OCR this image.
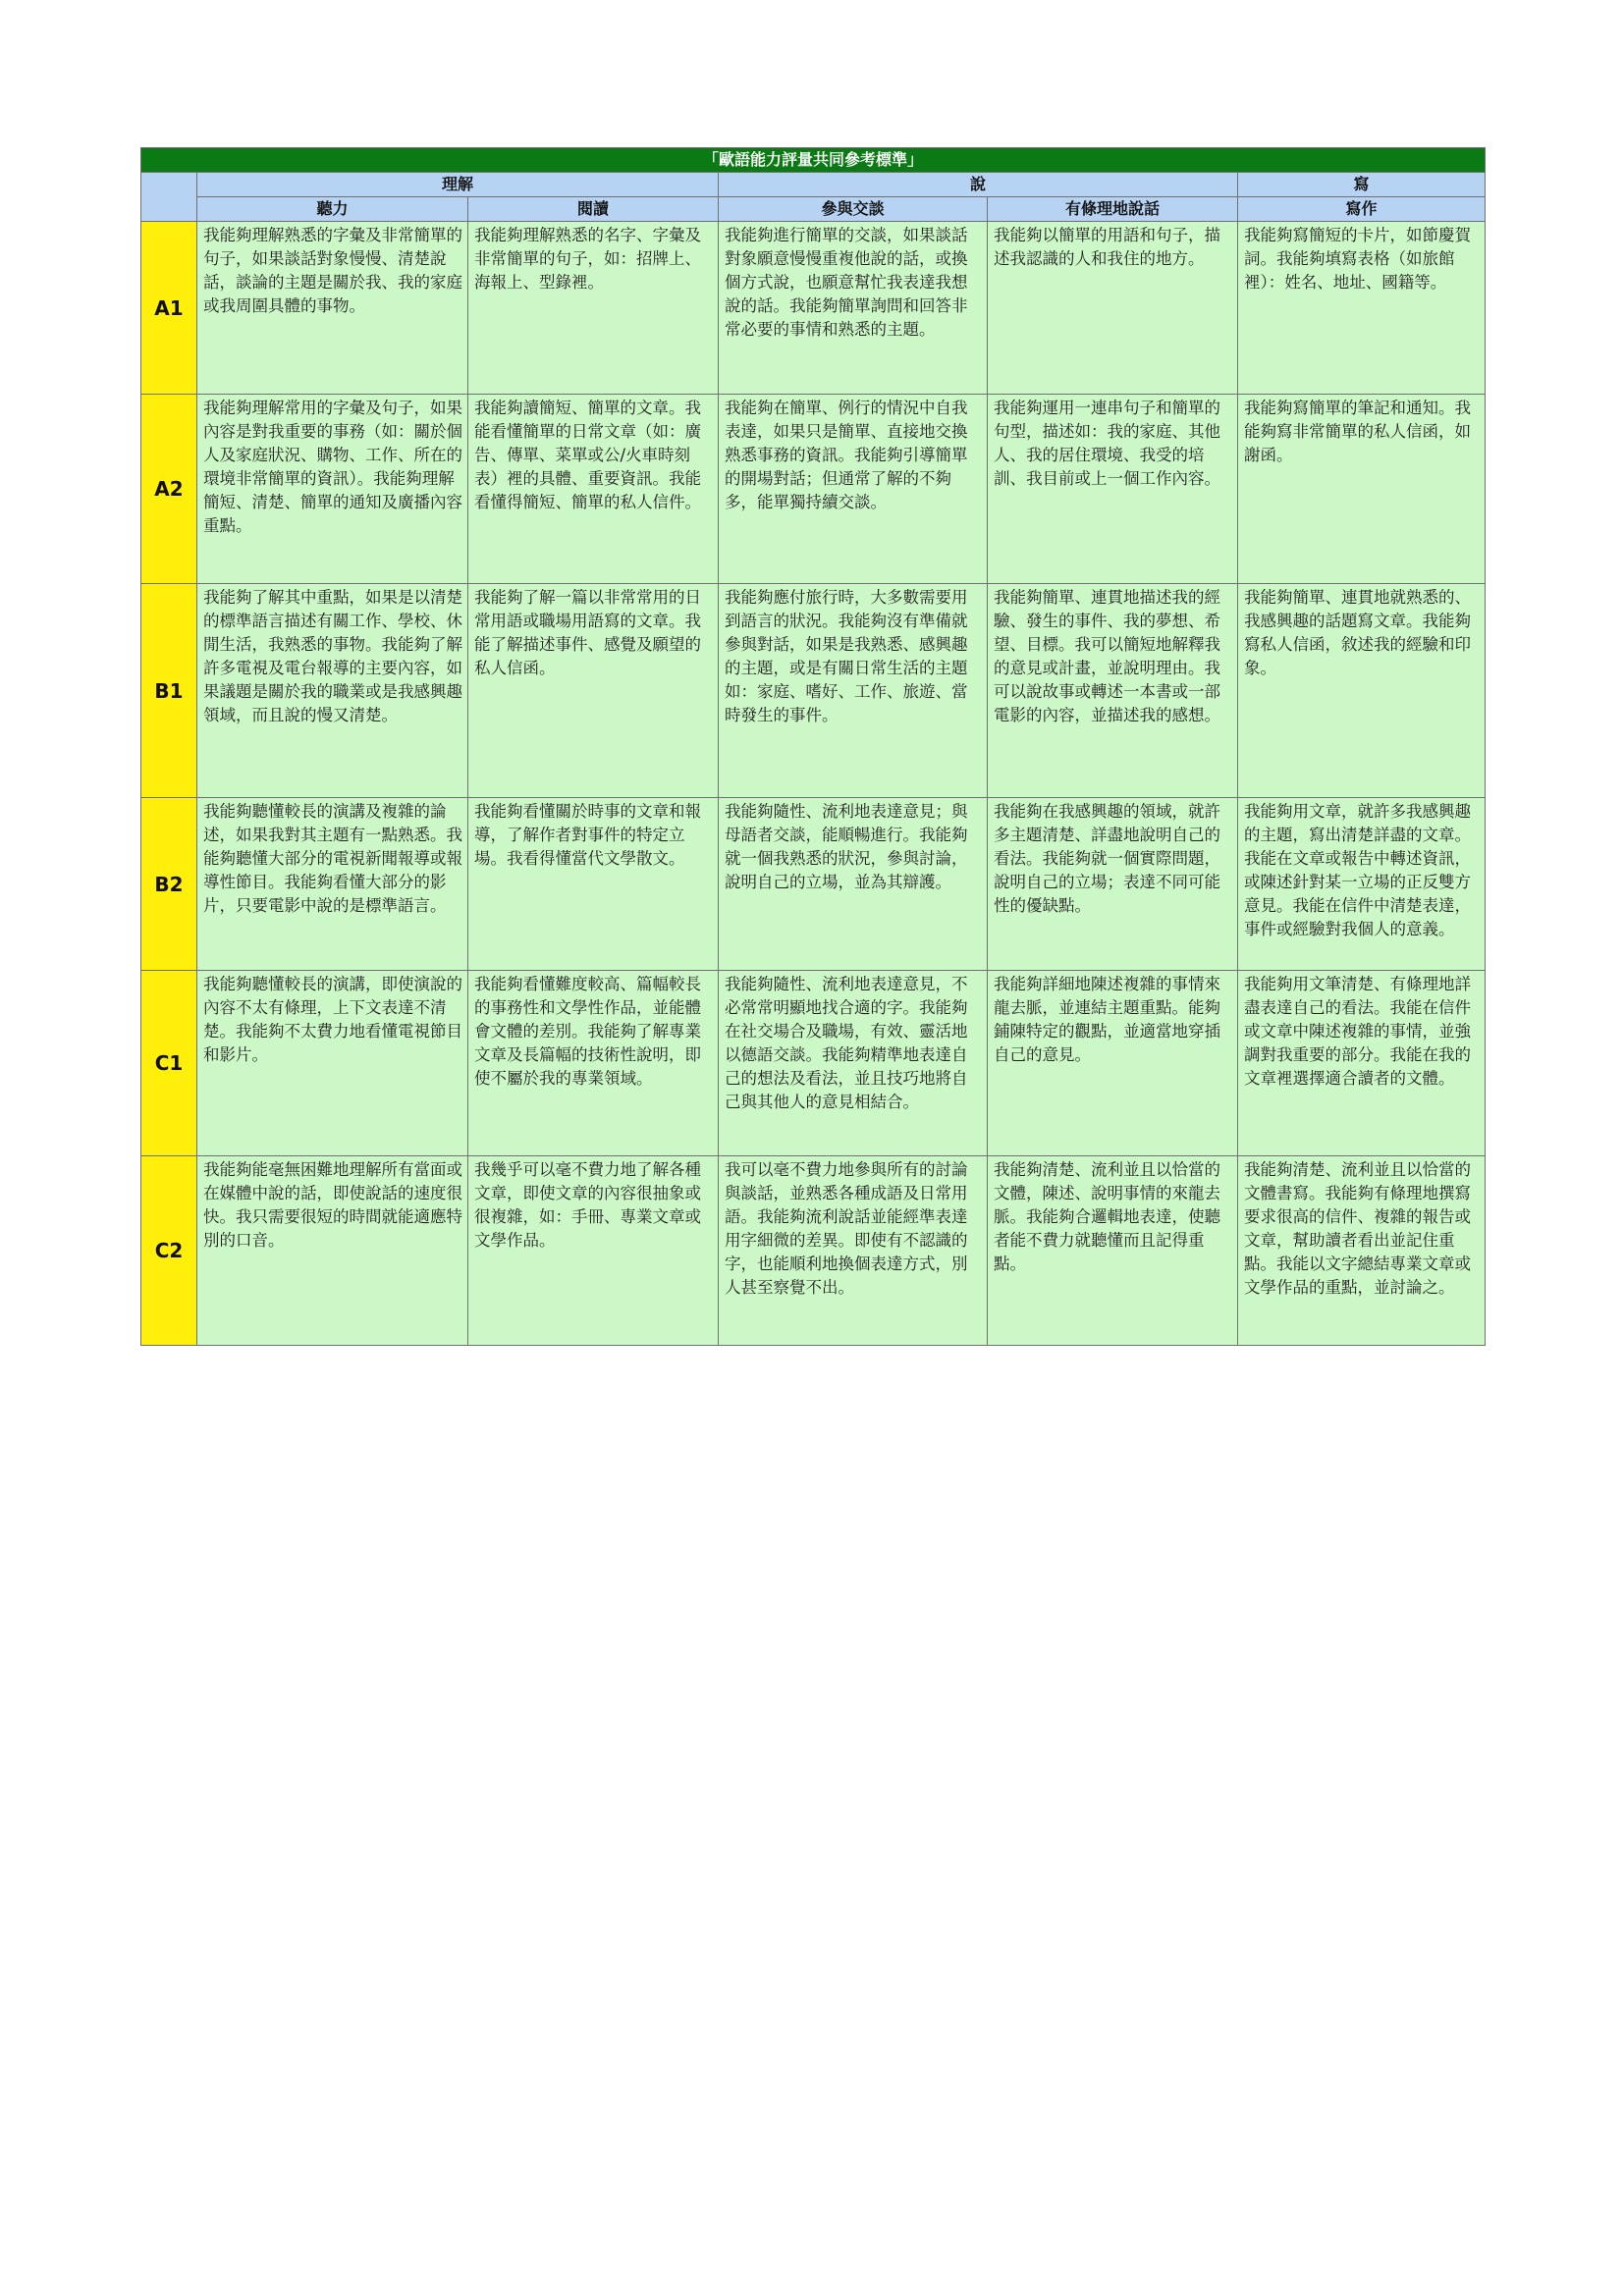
「歐語能力評量共同參考標準」					
	理解		說		寫
	聽力	閱讀	參與交談	有條理地說話	寫作
A1	我能夠理解熟悉的字彙及非常簡單的句子，如果談話對象慢慢、清楚說話，談論的主題是關於我、我的家庭或我周圍具體的事物。	我能夠理解熟悉的名字、字彙及非常簡單的句子，如：招牌上、海報上、型錄裡。	我能夠進行簡單的交談，如果談話對象願意慢慢重複他說的話，或換個方式說，也願意幫忙我表達我想說的話。我能夠簡單詢問和回答非常必要的事情和熟悉的主題。	我能夠以簡單的用語和句子，描述我認識的人和我住的地方。	我能夠寫簡短的卡片，如節慶賀詞。我能夠填寫表格（如旅館裡）：姓名、地址、國籍等。

A2	我能夠理解常用的字彙及句子，如果內容是對我重要的事務（如：關於個人及家庭狀況、購物、工作、所在的環境非常簡單的資訊）。我能夠理解簡短、清楚、簡單的通知及廣播內容重點。	我能夠讀簡短、簡單的文章。我能看懂簡單的日常文章（如：廣告、傳單、菜單或公/火車時刻表）裡的具體、重要資訊。我能看懂得簡短、簡單的私人信件。	我能夠在簡單、例行的情況中自我表達，如果只是簡單、直接地交換熟悉事務的資訊。我能夠引導簡單的開場對話；但通常了解的不夠多，能單獨持續交談。	我能夠運用一連串句子和簡單的句型，描述如：我的家庭、其他人、我的居住環境、我受的培訓、我目前或上一個工作內容。	我能夠寫簡單的筆記和通知。我能夠寫非常簡單的私人信函，如謝函。

B1	我能夠了解其中重點，如果是以清楚的標準語言描述有關工作、學校、休閒生活，我熟悉的事物。我能夠了解許多電視及電台報導的主要內容，如果議題是關於我的職業或是我感興趣領域，而且說的慢又清楚。	我能夠了解一篇以非常常用的日常用語或職場用語寫的文章。我能了解描述事件、感覺及願望的私人信函。	我能夠應付旅行時，大多數需要用到語言的狀況。我能夠沒有準備就參與對話，如果是我熟悉、感興趣的主題，或是有關日常生活的主題如：家庭、嗜好、工作、旅遊、當時發生的事件。	我能夠簡單、連貫地描述我的經驗、發生的事件、我的夢想、希望、目標。我可以簡短地解釋我的意見或計畫，並說明理由。我可以說故事或轉述一本書或一部電影的內容，並描述我的感想。	我能夠簡單、連貫地就熟悉的、我感興趣的話題寫文章。我能夠寫私人信函，敘述我的經驗和印象。

B2	我能夠聽懂較長的演講及複雜的論述，如果我對其主題有一點熟悉。我能夠聽懂大部分的電視新聞報導或報導性節目。我能夠看懂大部分的影片，只要電影中說的是標準語言。	我能夠看懂關於時事的文章和報導，了解作者對事件的特定立場。我看得懂當代文學散文。	我能夠隨性、流利地表達意見；與母語者交談，能順暢進行。我能夠就一個我熟悉的狀況，參與討論，說明自己的立場，並為其辯護。	我能夠在我感興趣的領域，就許多主題清楚、詳盡地說明自己的看法。我能夠就一個實際問題，說明自己的立場；表達不同可能性的優缺點。	我能夠用文章，就許多我感興趣的主題，寫出清楚詳盡的文章。我能在文章或報告中轉述資訊，或陳述針對某一立場的正反雙方意見。我能在信件中清楚表達，事件或經驗對我個人的意義。

C1	我能夠聽懂較長的演講，即使演說的內容不太有條理，上下文表達不清楚。我能夠不太費力地看懂電視節目和影片。	我能夠看懂難度較高、篇幅較長的事務性和文學性作品，並能體會文體的差別。我能夠了解專業文章及長篇幅的技術性說明，即使不屬於我的專業領域。	我能夠隨性、流利地表達意見，不必常常明顯地找合適的字。我能夠在社交場合及職場，有效、靈活地以德語交談。我能夠精準地表達自己的想法及看法，並且技巧地將自己與其他人的意見相結合。	我能夠詳細地陳述複雜的事情來龍去脈，並連結主題重點。能夠鋪陳特定的觀點，並適當地穿插自己的意見。	我能夠用文筆清楚、有條理地詳盡表達自己的看法。我能在信件或文章中陳述複雜的事情，並強調對我重要的部分。我能在我的文章裡選擇適合讀者的文體。

C2	我能夠能毫無困難地理解所有當面或在媒體中說的話，即使說話的速度很快。我只需要很短的時間就能適應特別的口音。	我幾乎可以毫不費力地了解各種文章，即使文章的內容很抽象或很複雜，如：手冊、專業文章或文學作品。	我可以毫不費力地參與所有的討論與談話，並熟悉各種成語及日常用語。我能夠流利說話並能經準表達用字細微的差異。即使有不認識的字，也能順利地換個表達方式，別人甚至察覺不出。	我能夠清楚、流利並且以恰當的文體，陳述、說明事情的來龍去脈。我能夠合邏輯地表達，使聽者能不費力就聽懂而且記得重點。	我能夠清楚、流利並且以恰當的文體書寫。我能夠有條理地撰寫要求很高的信件、複雜的報告或文章，幫助讀者看出並記住重點。我能以文字總結專業文章或文學作品的重點，並討論之。
